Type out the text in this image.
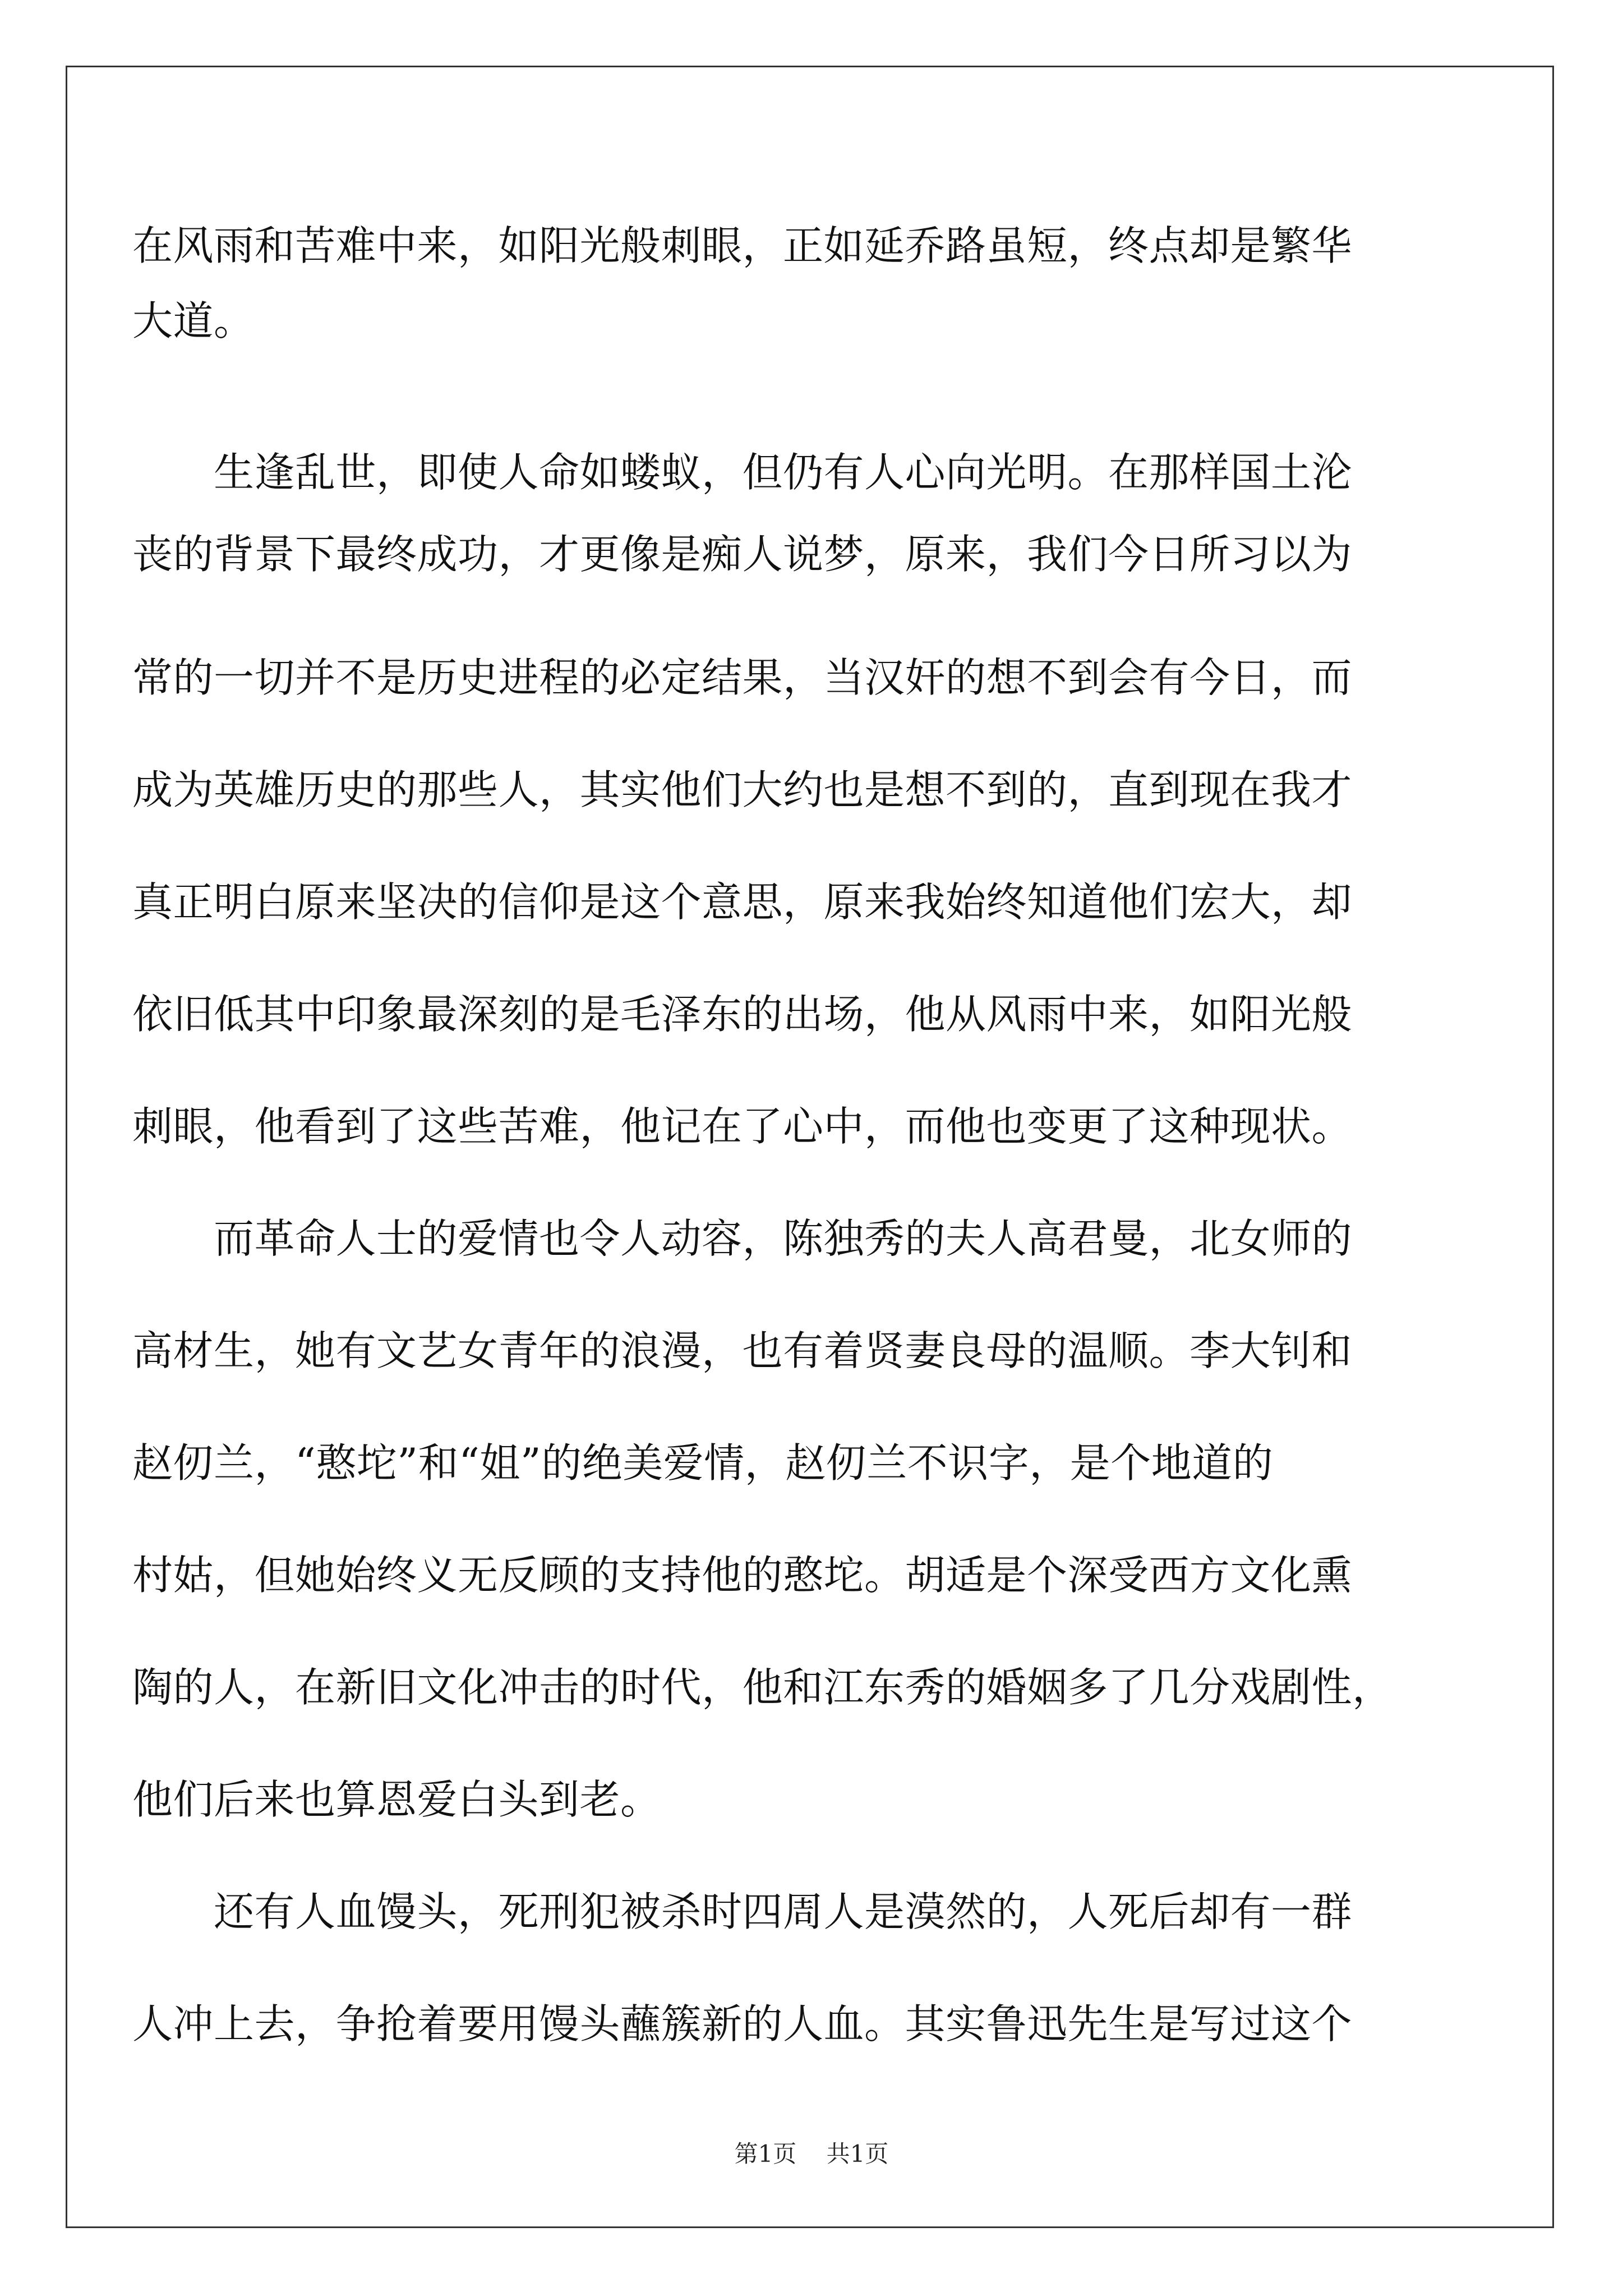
在风雨和苦难中来，如阳光般刺眼，正如延乔路虽短，终点却是繁华
大道。
　　生逢乱世，即使人命如蝼蚁，但仍有人心向光明。在那样国土沦
丧的背景下最终成功，才更像是痴人说梦，原来，我们今日所习以为
常的一切并不是历史进程的必定结果，当汉奸的想不到会有今日，而
成为英雄历史的那些人，其实他们大约也是想不到的，直到现在我才
真正明白原来坚决的信仰是这个意思，原来我始终知道他们宏大，却
依旧低其中印象最深刻的是毛泽东的出场，他从风雨中来，如阳光般
刺眼，他看到了这些苦难，他记在了心中，而他也变更了这种现状。
　　而革命人士的爱情也令人动容，陈独秀的夫人高君曼，北女师的
高材生，她有文艺女青年的浪漫，也有着贤妻良母的温顺。李大钊和
赵仞兰，“憨坨”和“姐”的绝美爱情，赵仞兰不识字，是个地道的
村姑，但她始终义无反顾的支持他的憨坨。胡适是个深受西方文化熏
陶的人，在新旧文化冲击的时代，他和江东秀的婚姻多了几分戏剧性，
他们后来也算恩爱白头到老。
　　还有人血馒头，死刑犯被杀时四周人是漠然的，人死后却有一群
人冲上去，争抢着要用馒头蘸簇新的人血。其实鲁迅先生是写过这个
第1页 共1页
